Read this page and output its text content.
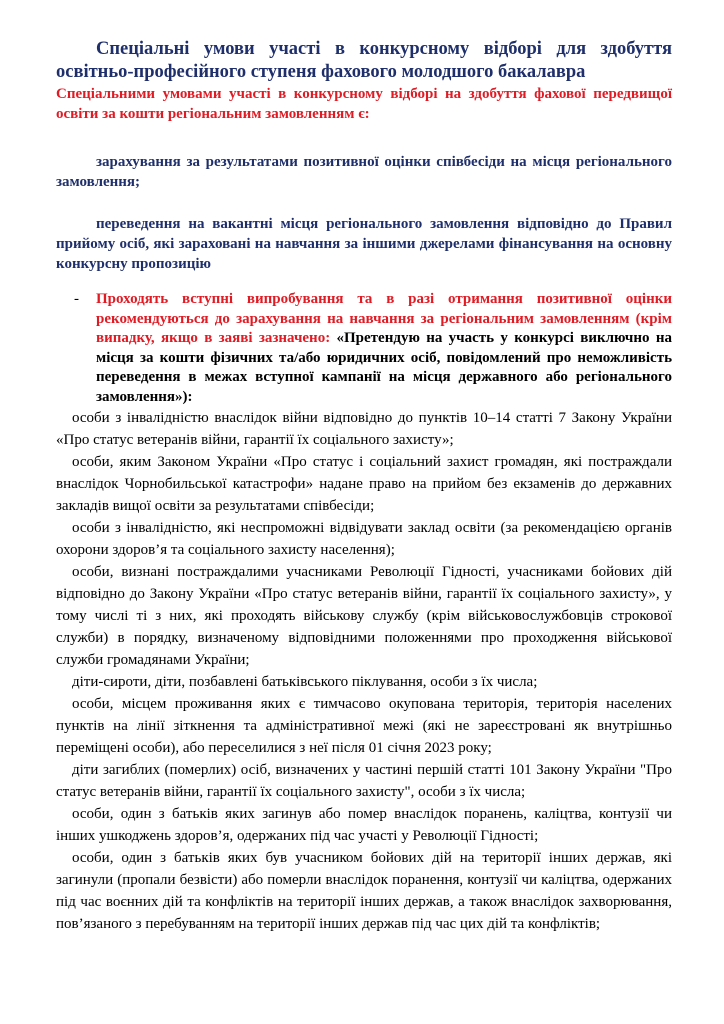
Спеціальні умови участі в конкурсному відборі для здобуття освітньо-професійного ступеня фахового молодшого бакалавра

Спеціальними умовами участі в конкурсному відборі на здобуття фахової передвищої освіти за кошти регіональним замовленням є:

зарахування за результатами позитивної оцінки співбесіди на місця регіонального замовлення;

переведення на вакантні місця регіонального замовлення відповідно до Правил прийому осіб, які зараховані на навчання за іншими джерелами фінансування на основну конкурсну пропозицію

- Проходять вступні випробування та в разі отримання позитивної оцінки рекомендуються до зарахування на навчання за регіональним замовленням (крім випадку, якщо в заяві зазначено: «Претендую на участь у конкурсі виключно на місця за кошти фізичних та/або юридичних осіб, повідомлений про неможливість переведення в межах вступної кампанії на місця державного або регіонального замовлення»):
особи з інвалідністю внаслідок війни відповідно до пунктів 10–14 статті 7 Закону України «Про статус ветеранів війни, гарантії їх соціального захисту»;
особи, яким Законом України «Про статус і соціальний захист громадян, які постраждали внаслідок Чорнобильської катастрофи» надане право на прийом без екзаменів до державних закладів вищої освіти за результатами співбесіди;
особи з інвалідністю, які неспроможні відвідувати заклад освіти (за рекомендацією органів охорони здоров’я та соціального захисту населення);
особи, визнані постраждалими учасниками Революції Гідності, учасниками бойових дій відповідно до Закону України «Про статус ветеранів війни, гарантії їх соціального захисту», у тому числі ті з них, які проходять військову службу (крім військовослужбовців строкової служби) в порядку, визначеному відповідними положеннями про проходження військової служби громадянами України;
діти-сироти, діти, позбавлені батьківського піклування, особи з їх числа;
особи, місцем проживання яких є тимчасово окупована територія, територія населених пунктів на лінії зіткнення та адміністративної межі (які не зареєстровані як внутрішньо переміщені особи), або переселилися з неї після 01 січня 2023 року;
діти загиблих (померлих) осіб, визначених у частині першій статті 101 Закону України "Про статус ветеранів війни, гарантії їх соціального захисту", особи з їх числа;
особи, один з батьків яких загинув або помер внаслідок поранень, каліцтва, контузії чи інших ушкоджень здоров’я, одержаних під час участі у Революції Гідності;
особи, один з батьків яких був учасником бойових дій на території інших держав, які загинули (пропали безвісти) або померли внаслідок поранення, контузії чи каліцтва, одержаних під час воєнних дій та конфліктів на території інших держав, а також внаслідок захворювання, пов’язаного з перебуванням на території інших держав під час цих дій та конфліктів;
